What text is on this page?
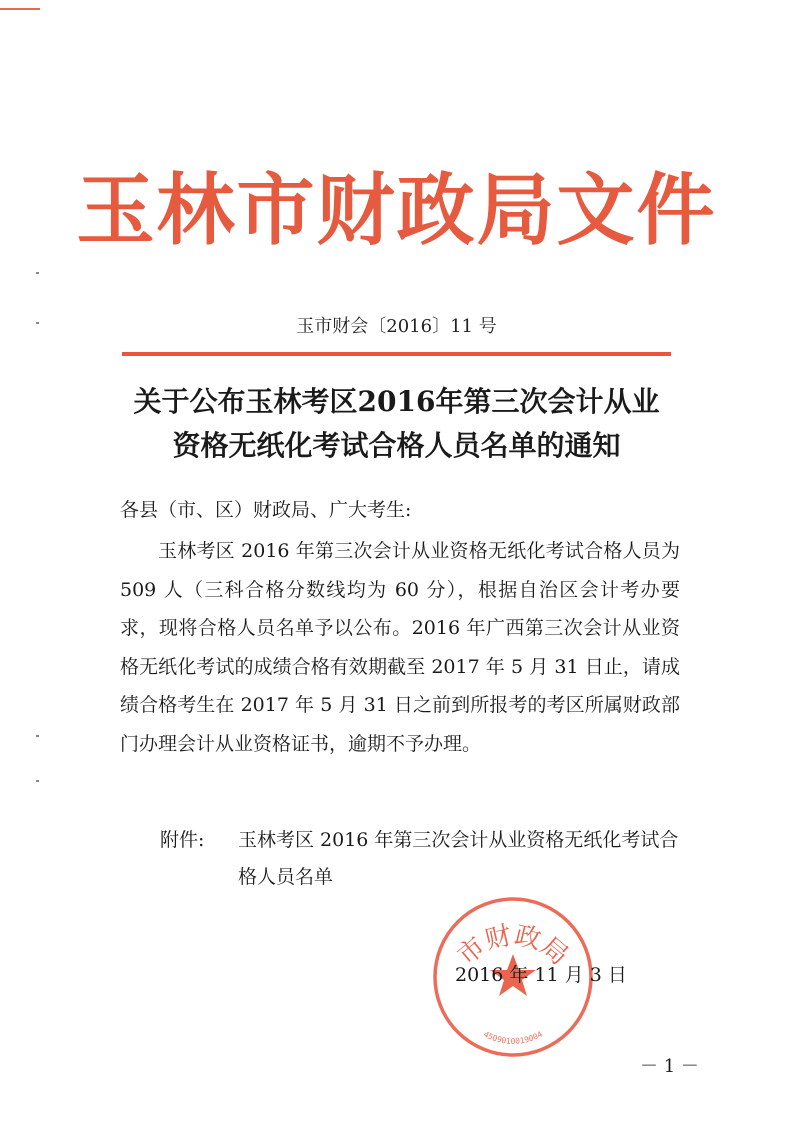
玉林市财政局文件
玉市财会〔2016〕11 号
关于公布玉林考区2016年第三次会计从业
资格无纸化考试合格人员名单的通知
各县（市、区）财政局、广大考生:
玉林考区 2016 年第三次会计从业资格无纸化考试合格人员为 509 人（三科合格分数线均为 60 分），根据自治区会计考办要求，现将合格人员名单予以公布。2016 年广西第三次会计从业资格无纸化考试的成绩合格有效期截至 2017 年 5 月 31 日止，请成绩合格考生在 2017 年 5 月 31 日之前到所报考的考区所属财政部门办理会计从业资格证书，逾期不予办理。
附件: 玉林考区 2016 年第三次会计从业资格无纸化考试合格人员名单
市财政局
4509010019004
2016 年 11 月 3 日
－ 1 －
